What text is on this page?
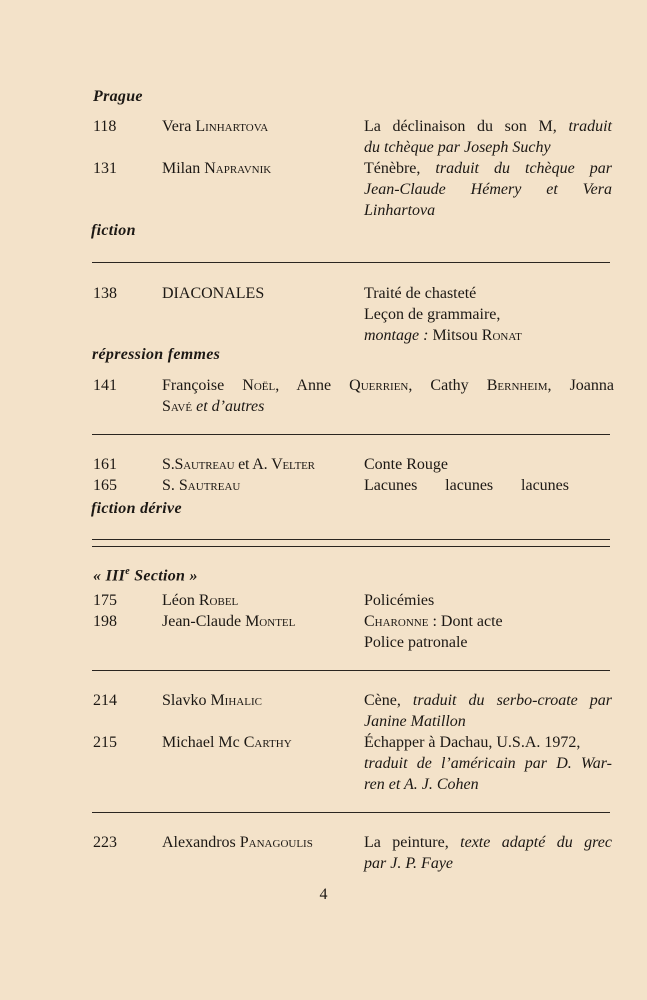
Prague
118	Vera Linhartova	La déclinaison du son M, traduit
du tchèque par Joseph Suchy
131	Milan Napravnik	Ténèbre, traduit du tchèque par
Jean-Claude Hémery et Vera
Linhartova
fiction
138	DIACONALES	Traité de chasteté
Leçon de grammaire,
montage : Mitsou Ronat
répression femmes
141	Françoise Noël, Anne Querrien, Cathy Bernheim, Joanna
Savé et d’autres
161	S.Sautreau et A. Velter	Conte Rouge
165	S. Sautreau	Lacunes lacunes lacunes
fiction dérive
« IIIe Section »
175	Léon Robel	Policémies
198	Jean-Claude Montel	Charonne : Dont acte
Police patronale
214	Slavko Mihalic	Cène, traduit du serbo-croate par
Janine Matillon
215	Michael Mc Carthy	Échapper à Dachau, U.S.A. 1972,
traduit de l’américain par D. War-
ren et A. J. Cohen
223	Alexandros Panagoulis	La peinture, texte adapté du grec
par J. P. Faye
4
